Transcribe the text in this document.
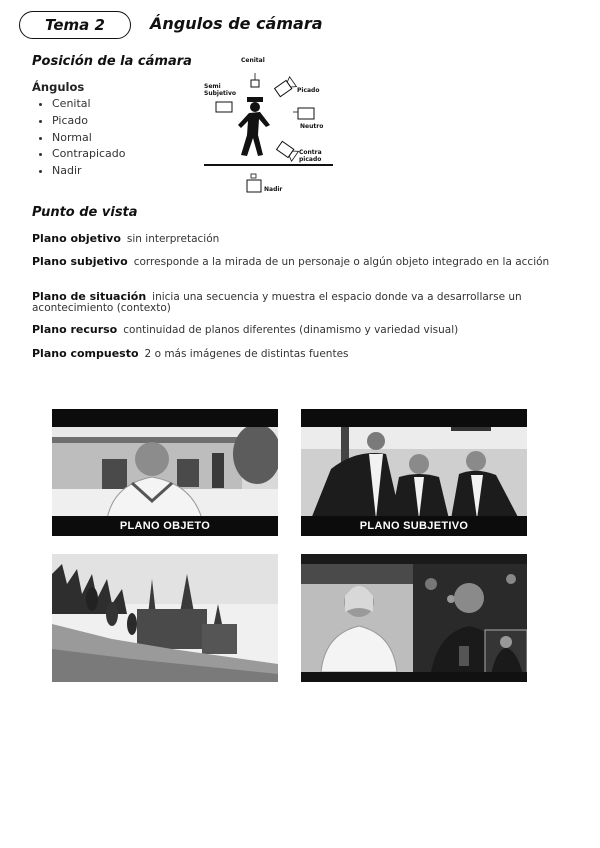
Tema 2	Ángulos de cámara
Posición de la cámara
Ángulos
• Cenital
• Picado
• Normal
• Contrapicado
• Nadir
Cenital
Semi
Subjetivo	Picado
Neutro
Contra
picado
Nadir
Punto de vista
Plano objetivo sin interpretación
Plano subjetivo corresponde a la mirada de un personaje o algún objeto integrado en la acción
Plano de situación inicia una secuencia y muestra el espacio donde va a desarrollarse un acontecimiento (contexto)
Plano recurso continuidad de planos diferentes (dinamismo y variedad visual)
Plano compuesto 2 o más imágenes de distintas fuentes
PLANO OBJETO	PLANO SUBJETIVO
